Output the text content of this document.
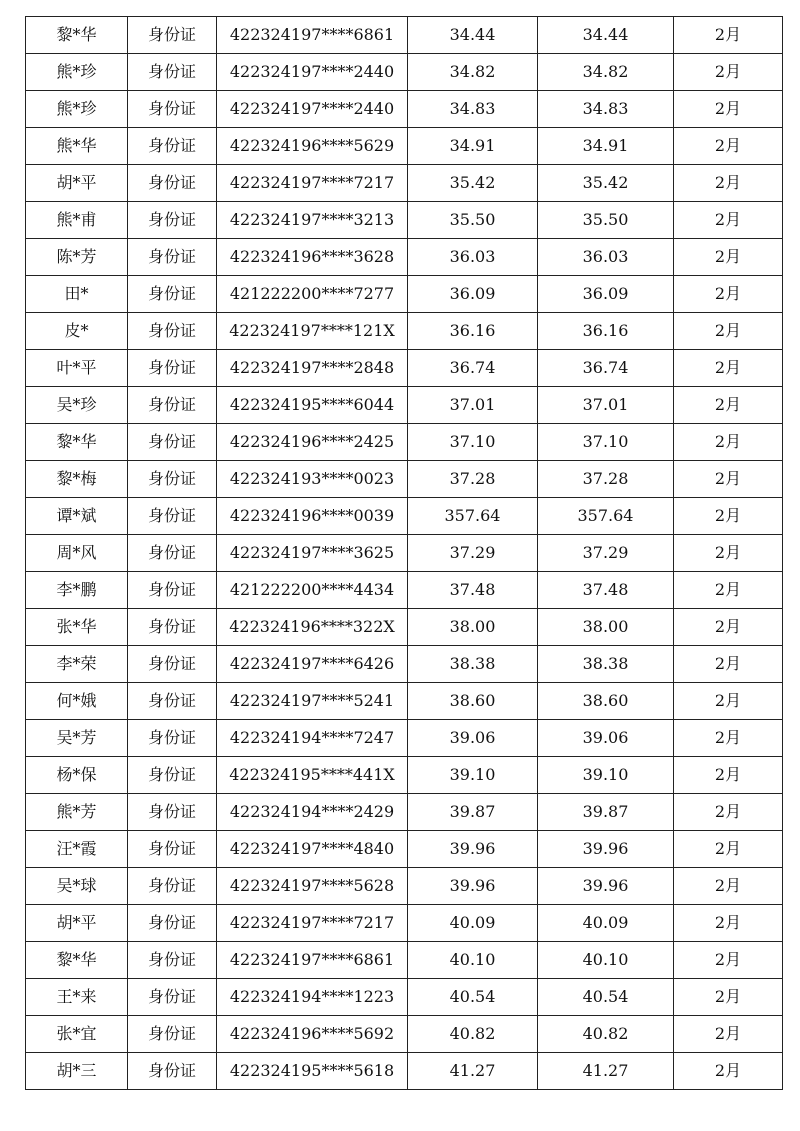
黎*华	身份证	422324197****6861	34.44	34.44	2月
熊*珍	身份证	422324197****2440	34.82	34.82	2月
熊*珍	身份证	422324197****2440	34.83	34.83	2月
熊*华	身份证	422324196****5629	34.91	34.91	2月
胡*平	身份证	422324197****7217	35.42	35.42	2月
熊*甫	身份证	422324197****3213	35.50	35.50	2月
陈*芳	身份证	422324196****3628	36.03	36.03	2月
田*	身份证	421222200****7277	36.09	36.09	2月
皮*	身份证	422324197****121X	36.16	36.16	2月
叶*平	身份证	422324197****2848	36.74	36.74	2月
吴*珍	身份证	422324195****6044	37.01	37.01	2月
黎*华	身份证	422324196****2425	37.10	37.10	2月
黎*梅	身份证	422324193****0023	37.28	37.28	2月
谭*斌	身份证	422324196****0039	357.64	357.64	2月
周*风	身份证	422324197****3625	37.29	37.29	2月
李*鹏	身份证	421222200****4434	37.48	37.48	2月
张*华	身份证	422324196****322X	38.00	38.00	2月
李*荣	身份证	422324197****6426	38.38	38.38	2月
何*娥	身份证	422324197****5241	38.60	38.60	2月
吴*芳	身份证	422324194****7247	39.06	39.06	2月
杨*保	身份证	422324195****441X	39.10	39.10	2月
熊*芳	身份证	422324194****2429	39.87	39.87	2月
汪*霞	身份证	422324197****4840	39.96	39.96	2月
吴*球	身份证	422324197****5628	39.96	39.96	2月
胡*平	身份证	422324197****7217	40.09	40.09	2月
黎*华	身份证	422324197****6861	40.10	40.10	2月
王*来	身份证	422324194****1223	40.54	40.54	2月
张*宜	身份证	422324196****5692	40.82	40.82	2月
胡*三	身份证	422324195****5618	41.27	41.27	2月
